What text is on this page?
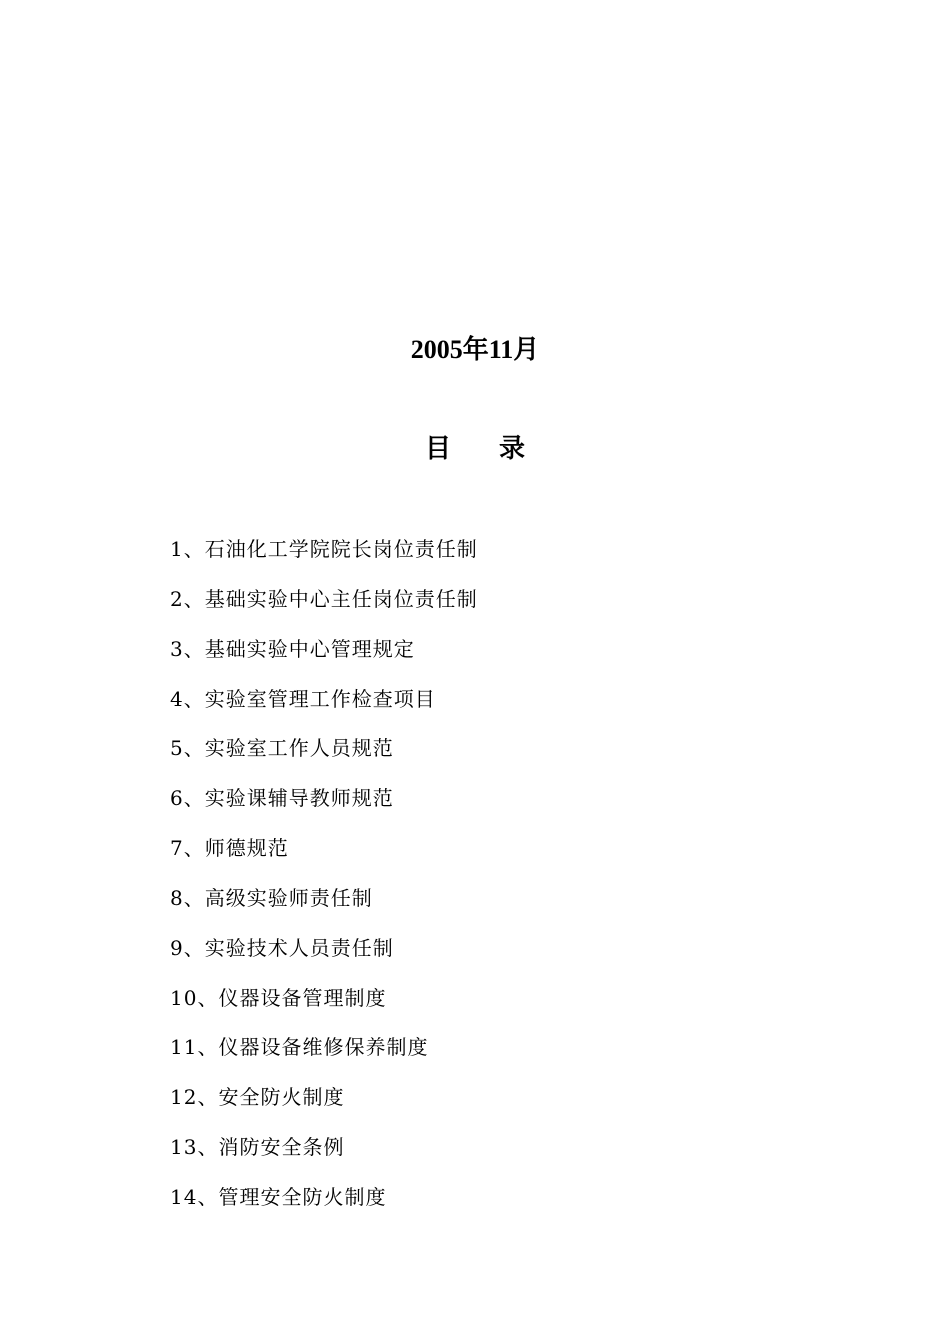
2005年11月
目 录
1、石油化工学院院长岗位责任制
2、基础实验中心主任岗位责任制
3、基础实验中心管理规定
4、实验室管理工作检查项目
5、实验室工作人员规范
6、实验课辅导教师规范
7、师德规范
8、高级实验师责任制
9、实验技术人员责任制
10、仪器设备管理制度
11、仪器设备维修保养制度
12、安全防火制度
13、消防安全条例
14、管理安全防火制度
